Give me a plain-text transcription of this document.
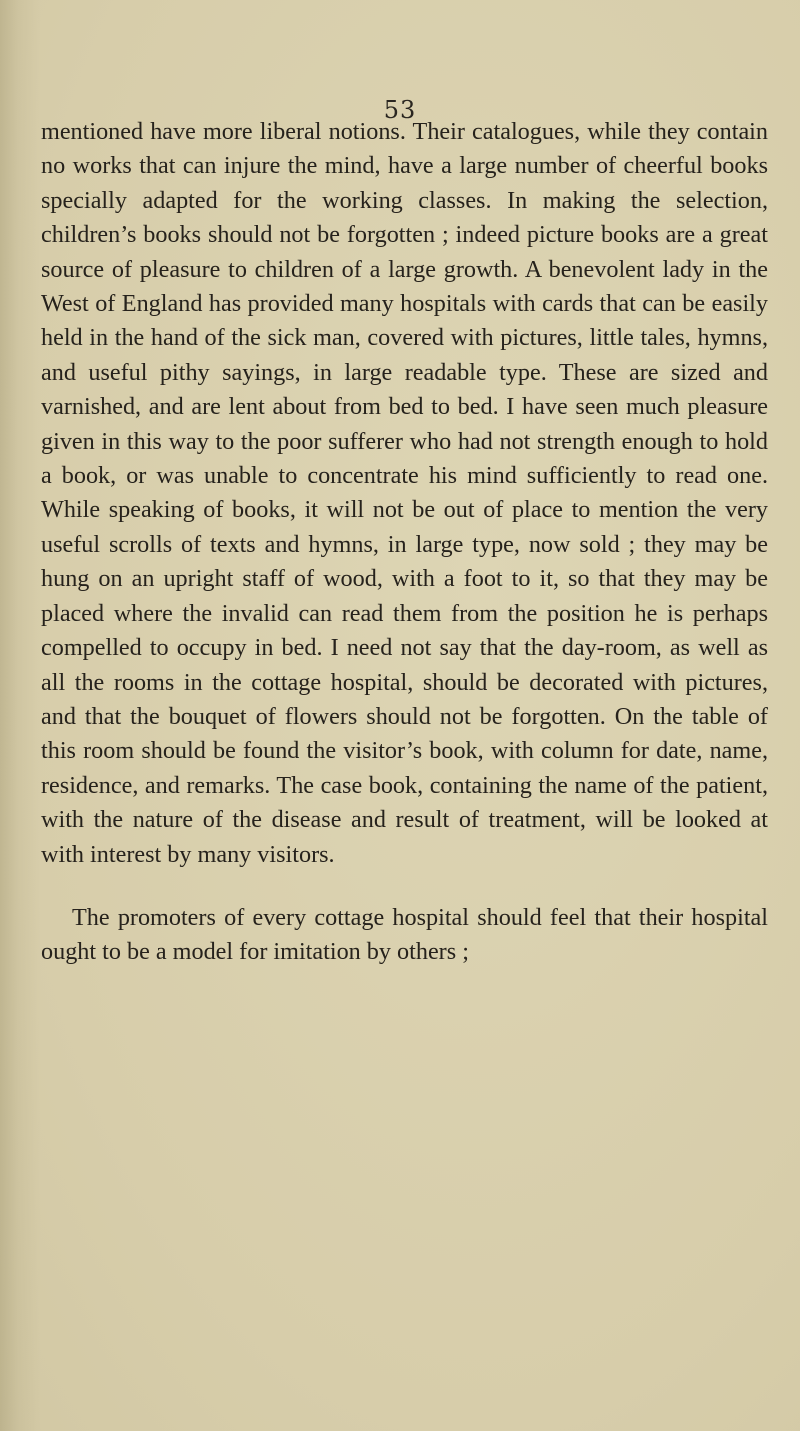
53

mentioned have more liberal notions. Their catalogues, while they contain no works that can injure the mind, have a large number of cheerful books specially adapted for the working classes. In making the selection, children’s books should not be forgotten ; indeed picture books are a great source of pleasure to children of a large growth. A benevolent lady in the West of England has provided many hospitals with cards that can be easily held in the hand of the sick man, covered with pictures, little tales, hymns, and useful pithy sayings, in large readable type. These are sized and varnished, and are lent about from bed to bed. I have seen much pleasure given in this way to the poor sufferer who had not strength enough to hold a book, or was unable to concentrate his mind sufficiently to read one. While speaking of books, it will not be out of place to mention the very useful scrolls of texts and hymns, in large type, now sold ; they may be hung on an upright staff of wood, with a foot to it, so that they may be placed where the invalid can read them from the position he is perhaps compelled to occupy in bed. I need not say that the day-room, as well as all the rooms in the cottage hospital, should be decorated with pictures, and that the bouquet of flowers should not be forgotten. On the table of this room should be found the visitor’s book, with column for date, name, residence, and remarks. The case book, containing the name of the patient, with the nature of the disease and result of treatment, will be looked at with interest by many visitors.

The promoters of every cottage hospital should feel that their hospital ought to be a model for imitation by others ;
